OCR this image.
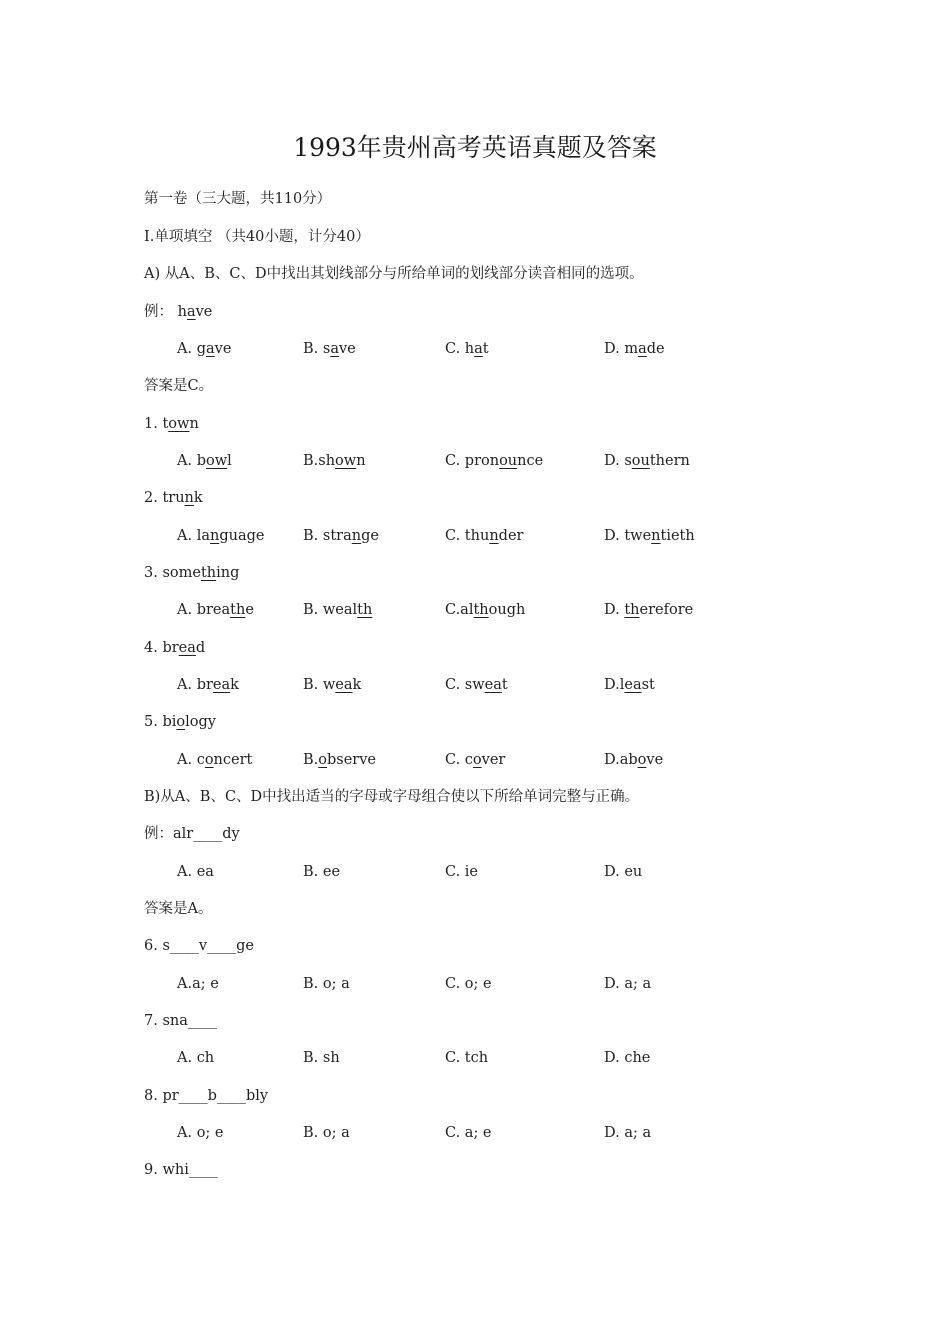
1993年贵州高考英语真题及答案
第一卷（三大题，共110分）
Ⅰ.单项填空 （共40小题，计分40）
A) 从A、B、C、D中找出其划线部分与所给单词的划线部分读音相同的选项。
例： have
A. gave	B. save	C. hat	D. made
答案是C。
1. town
A. bowl	B.shown	C. pronounce	D. southern
2. trunk
A. language	B. strange	C. thunder	D. twentieth
3. something
A. breathe	B. wealth	C.although	D. therefore
4. bread
A. break	B. weak	C. sweat	D.least
5. biology
A. concert	B.observe	C. cover	D.above
B)从A、B、C、D中找出适当的字母或字母组合使以下所给单词完整与正确。
例：alr____dy
A. ea	B. ee	C. ie	D. eu
答案是A。
6. s____v____ge
A.a; e	B. o; a	C. o; e	D. a; a
7. sna____
A. ch	B. sh	C. tch	D. che
8. pr____b____bly
A. o; e	B. o; a	C. a; e	D. a; a
9. whi____
